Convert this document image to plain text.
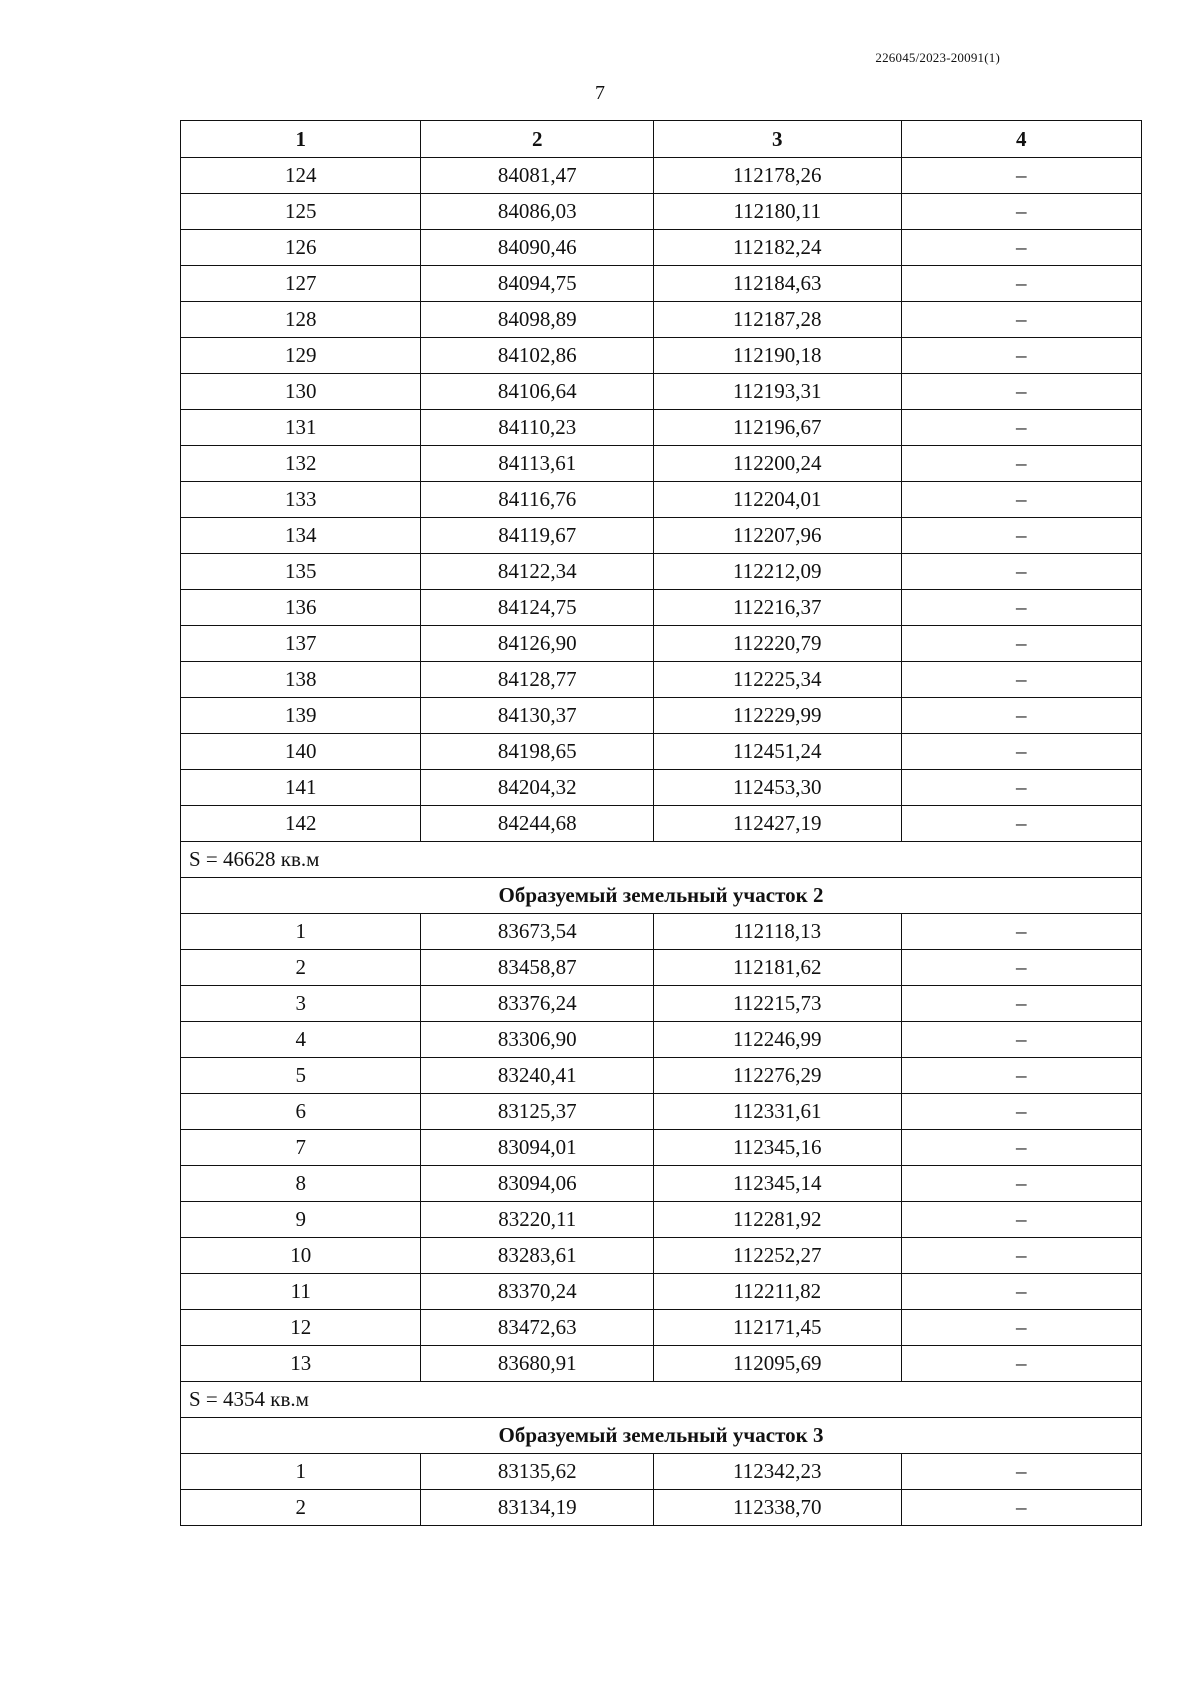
226045/2023-20091(1)
7
1	2	3	4
124	84081,47	112178,26	–
125	84086,03	112180,11	–
126	84090,46	112182,24	–
127	84094,75	112184,63	–
128	84098,89	112187,28	–
129	84102,86	112190,18	–
130	84106,64	112193,31	–
131	84110,23	112196,67	–
132	84113,61	112200,24	–
133	84116,76	112204,01	–
134	84119,67	112207,96	–
135	84122,34	112212,09	–
136	84124,75	112216,37	–
137	84126,90	112220,79	–
138	84128,77	112225,34	–
139	84130,37	112229,99	–
140	84198,65	112451,24	–
141	84204,32	112453,30	–
142	84244,68	112427,19	–
S = 46628 кв.м			
Образуемый земельный участок 2			
1	83673,54	112118,13	–
2	83458,87	112181,62	–
3	83376,24	112215,73	–
4	83306,90	112246,99	–
5	83240,41	112276,29	–
6	83125,37	112331,61	–
7	83094,01	112345,16	–
8	83094,06	112345,14	–
9	83220,11	112281,92	–
10	83283,61	112252,27	–
11	83370,24	112211,82	–
12	83472,63	112171,45	–
13	83680,91	112095,69	–
S = 4354 кв.м			
Образуемый земельный участок 3			
1	83135,62	112342,23	–
2	83134,19	112338,70	–
